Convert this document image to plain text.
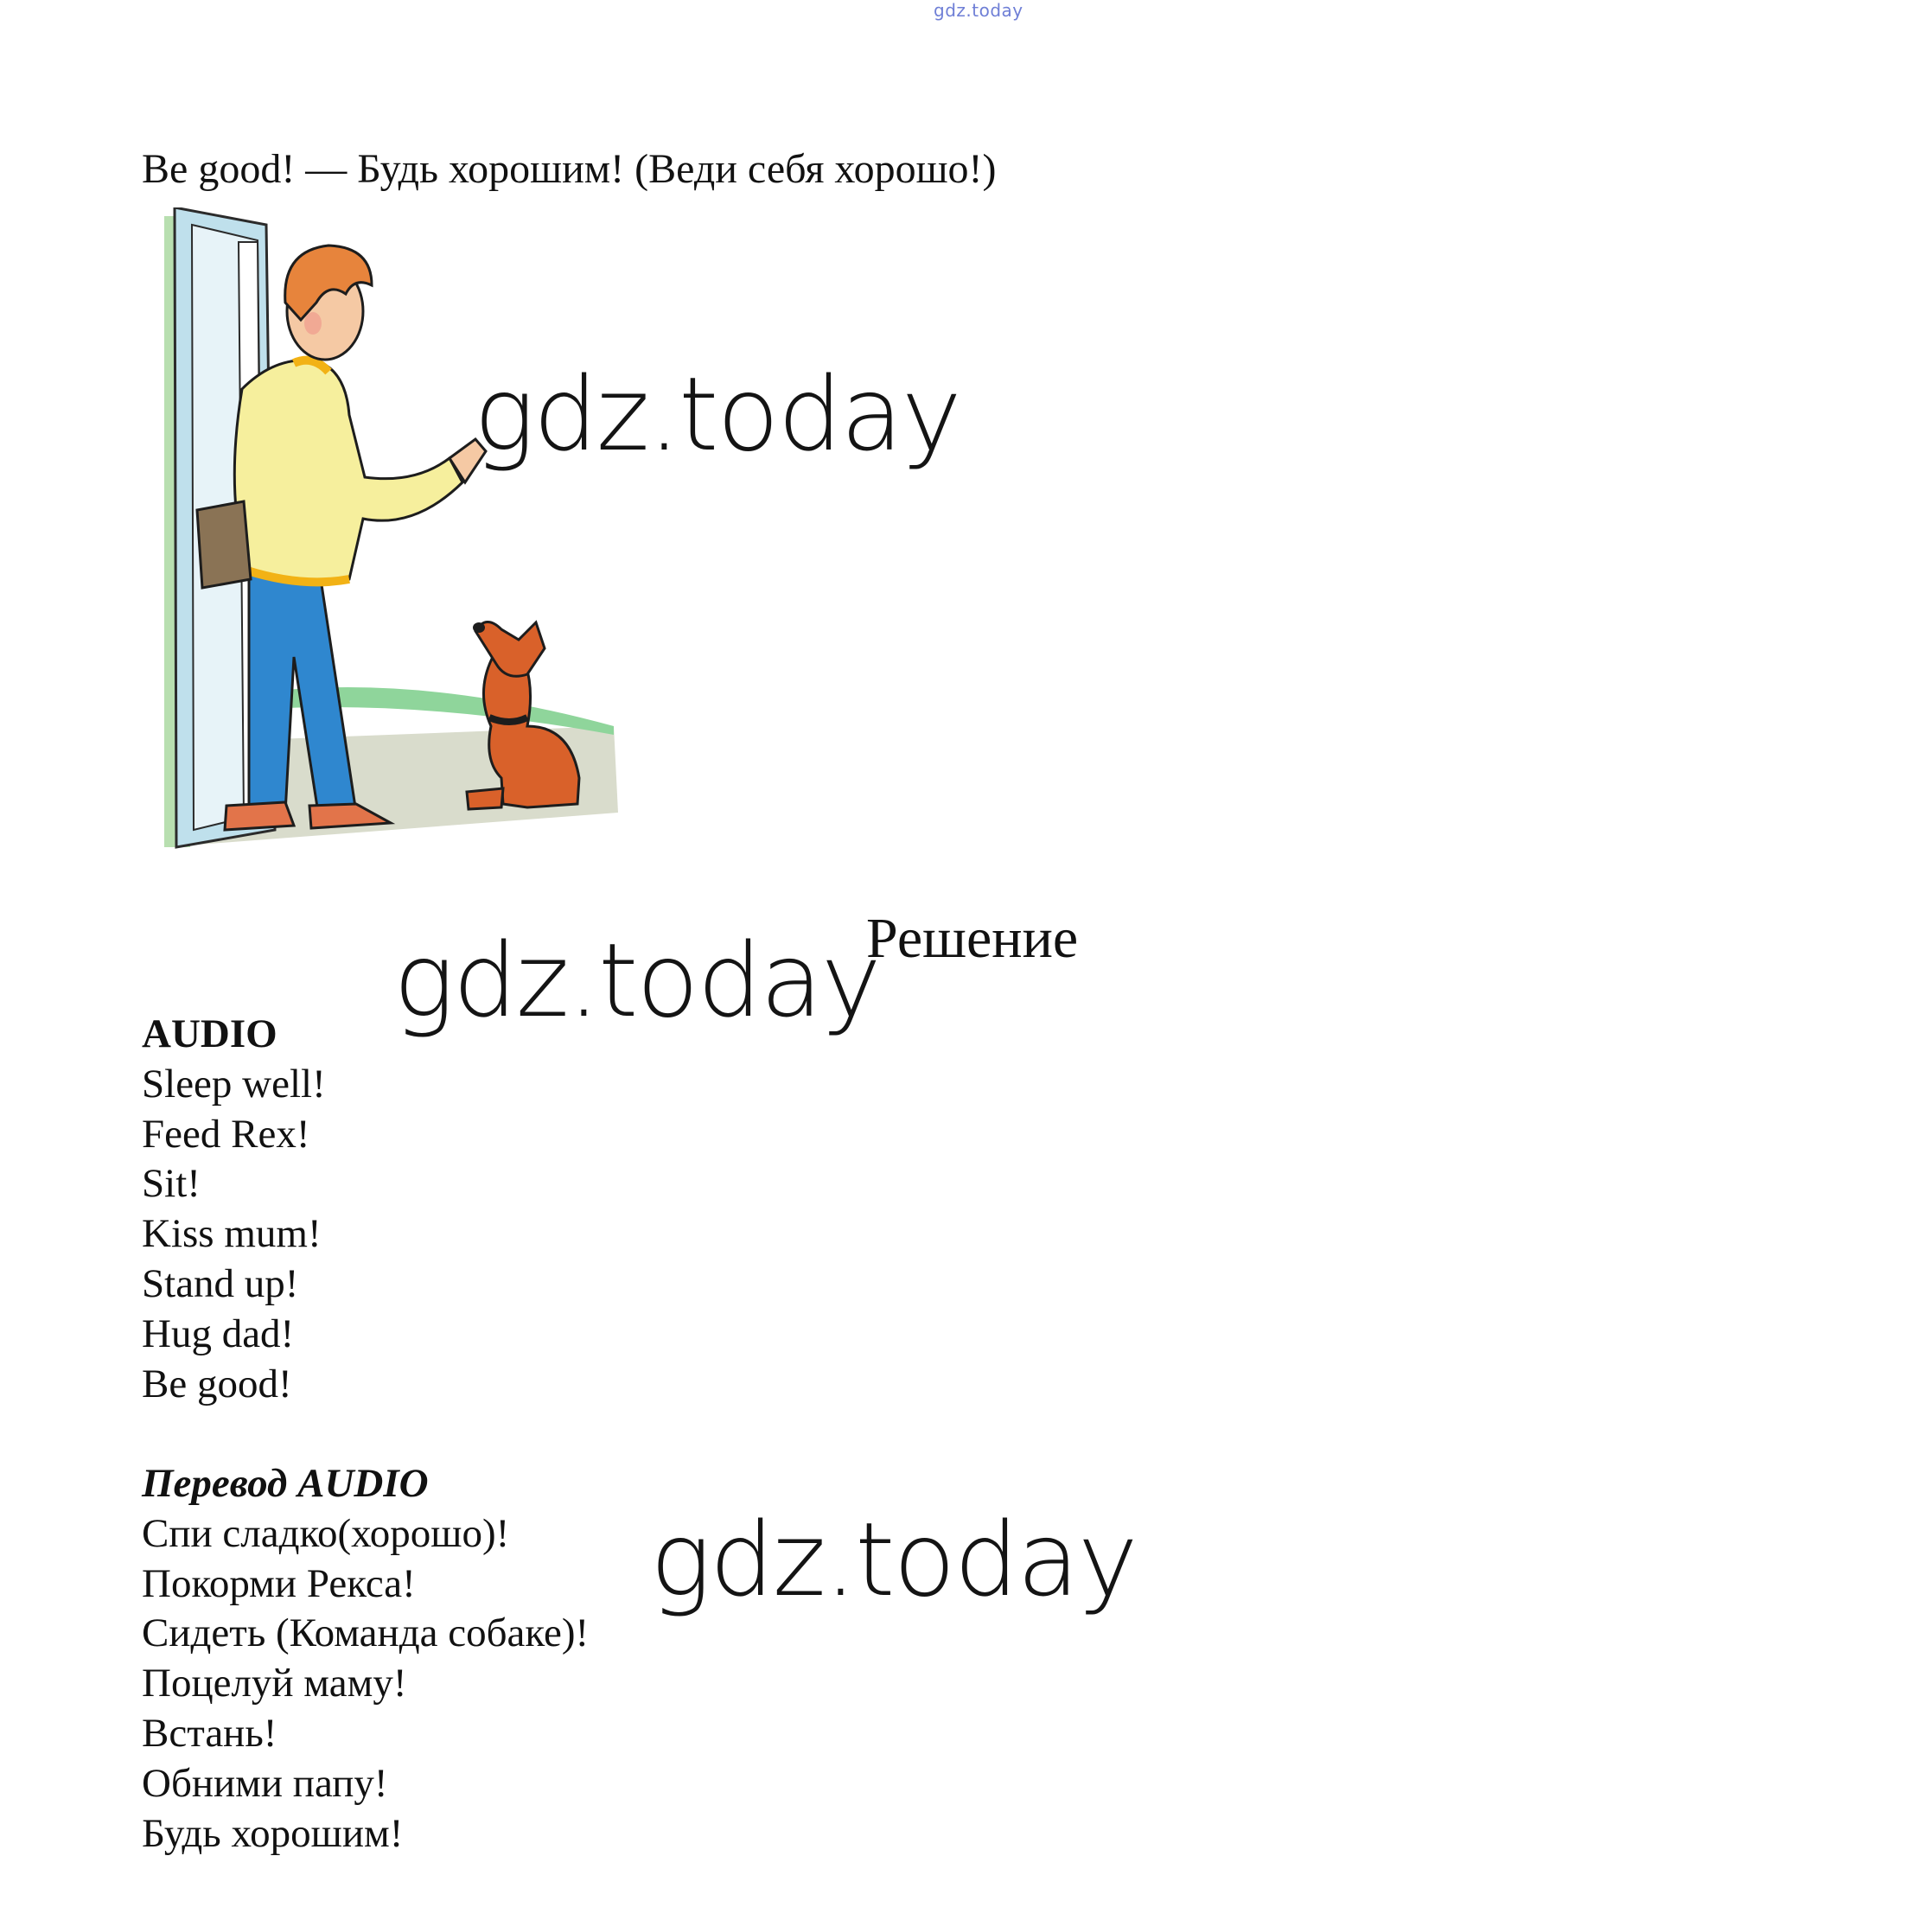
gdz.today
Be good! — Будь хорошим! (Веди себя хорошо!)
gdz.today
gdz.today
gdz.today
Решение
AUDIO
Sleep well!
Feed Rex!
Sit!
Kiss mum!
Stand up!
Hug dad!
Be good!
Перевод AUDIO
Спи сладко(хорошо)!
Покорми Рекса!
Сидеть (Команда собаке)!
Поцелуй маму!
Встань!
Обними папу!
Будь хорошим!
